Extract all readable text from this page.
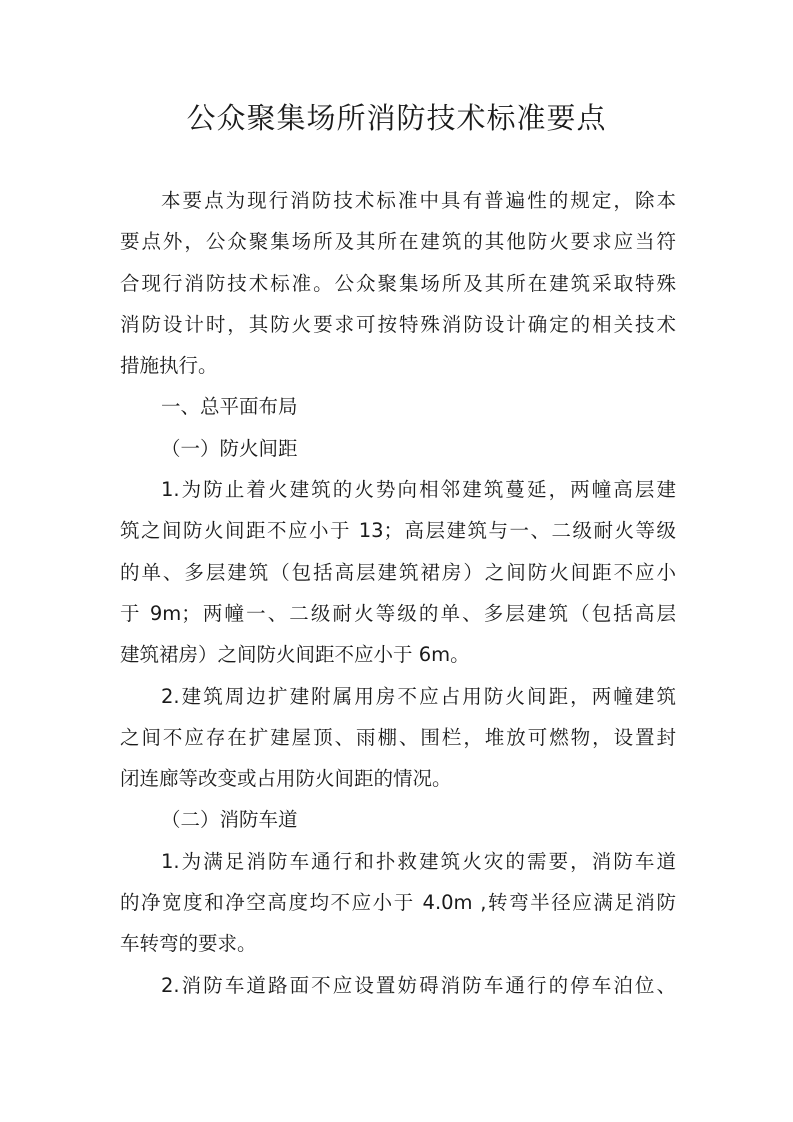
公众聚集场所消防技术标准要点
本要点为现行消防技术标准中具有普遍性的规定，除本
要点外，公众聚集场所及其所在建筑的其他防火要求应当符
合现行消防技术标准。公众聚集场所及其所在建筑采取特殊
消防设计时，其防火要求可按特殊消防设计确定的相关技术
措施执行。
一、总平面布局
（一）防火间距
1.为防止着火建筑的火势向相邻建筑蔓延，两幢高层建
筑之间防火间距不应小于 13；高层建筑与一、二级耐火等级
的单、多层建筑（包括高层建筑裙房）之间防火间距不应小
于 9m；两幢一、二级耐火等级的单、多层建筑（包括高层
建筑裙房）之间防火间距不应小于 6m。
2.建筑周边扩建附属用房不应占用防火间距，两幢建筑
之间不应存在扩建屋顶、雨棚、围栏，堆放可燃物，设置封
闭连廊等改变或占用防火间距的情况。
（二）消防车道
1.为满足消防车通行和扑救建筑火灾的需要，消防车道
的净宽度和净空高度均不应小于 4.0m ,转弯半径应满足消防
车转弯的要求。
2.消防车道路面不应设置妨碍消防车通行的停车泊位、
